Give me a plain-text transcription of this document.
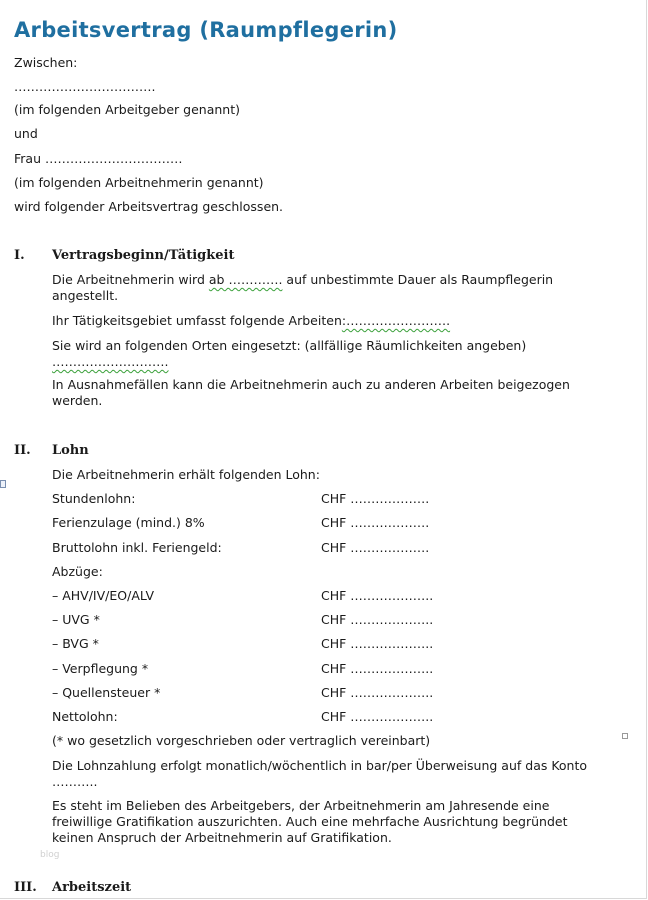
Arbeitsvertrag (Raumpflegerin)
Zwischen:
…………………………….
(im folgenden Arbeitgeber genannt)
und
Frau ……………………………
(im folgenden Arbeitnehmerin genannt)
wird folgender Arbeitsvertrag geschlossen.
I. Vertragsbeginn/Tätigkeit
Die Arbeitnehmerin wird ab …………. auf unbestimmte Dauer als Raumpflegerin angestellt.
Ihr Tätigkeitsgebiet umfasst folgende Arbeiten:…………………….
Sie wird an folgenden Orten eingesetzt: (allfällige Räumlichkeiten angeben)
……………………….
In Ausnahmefällen kann die Arbeitnehmerin auch zu anderen Arbeiten beigezogen werden.
II. Lohn
Die Arbeitnehmerin erhält folgenden Lohn:
Stundenlohn:	CHF ……………….
Ferienzulage (mind.) 8%	CHF ……………….
Bruttolohn inkl. Feriengeld:	CHF ……………….
Abzüge:
– AHV/IV/EO/ALV	CHF ………………..
– UVG *	CHF ………………..
– BVG *	CHF ………………..
– Verpflegung *	CHF ………………..
– Quellensteuer *	CHF ………………..
Nettolohn:	CHF ………………..
(* wo gesetzlich vorgeschrieben oder vertraglich vereinbart)
Die Lohnzahlung erfolgt monatlich/wöchentlich in bar/per Überweisung auf das Konto ………..
Es steht im Belieben des Arbeitgebers, der Arbeitnehmerin am Jahresende eine freiwillige Gratifikation auszurichten. Auch eine mehrfache Ausrichtung begründet keinen Anspruch der Arbeitnehmerin auf Gratifikation.
III. Arbeitszeit
blog
